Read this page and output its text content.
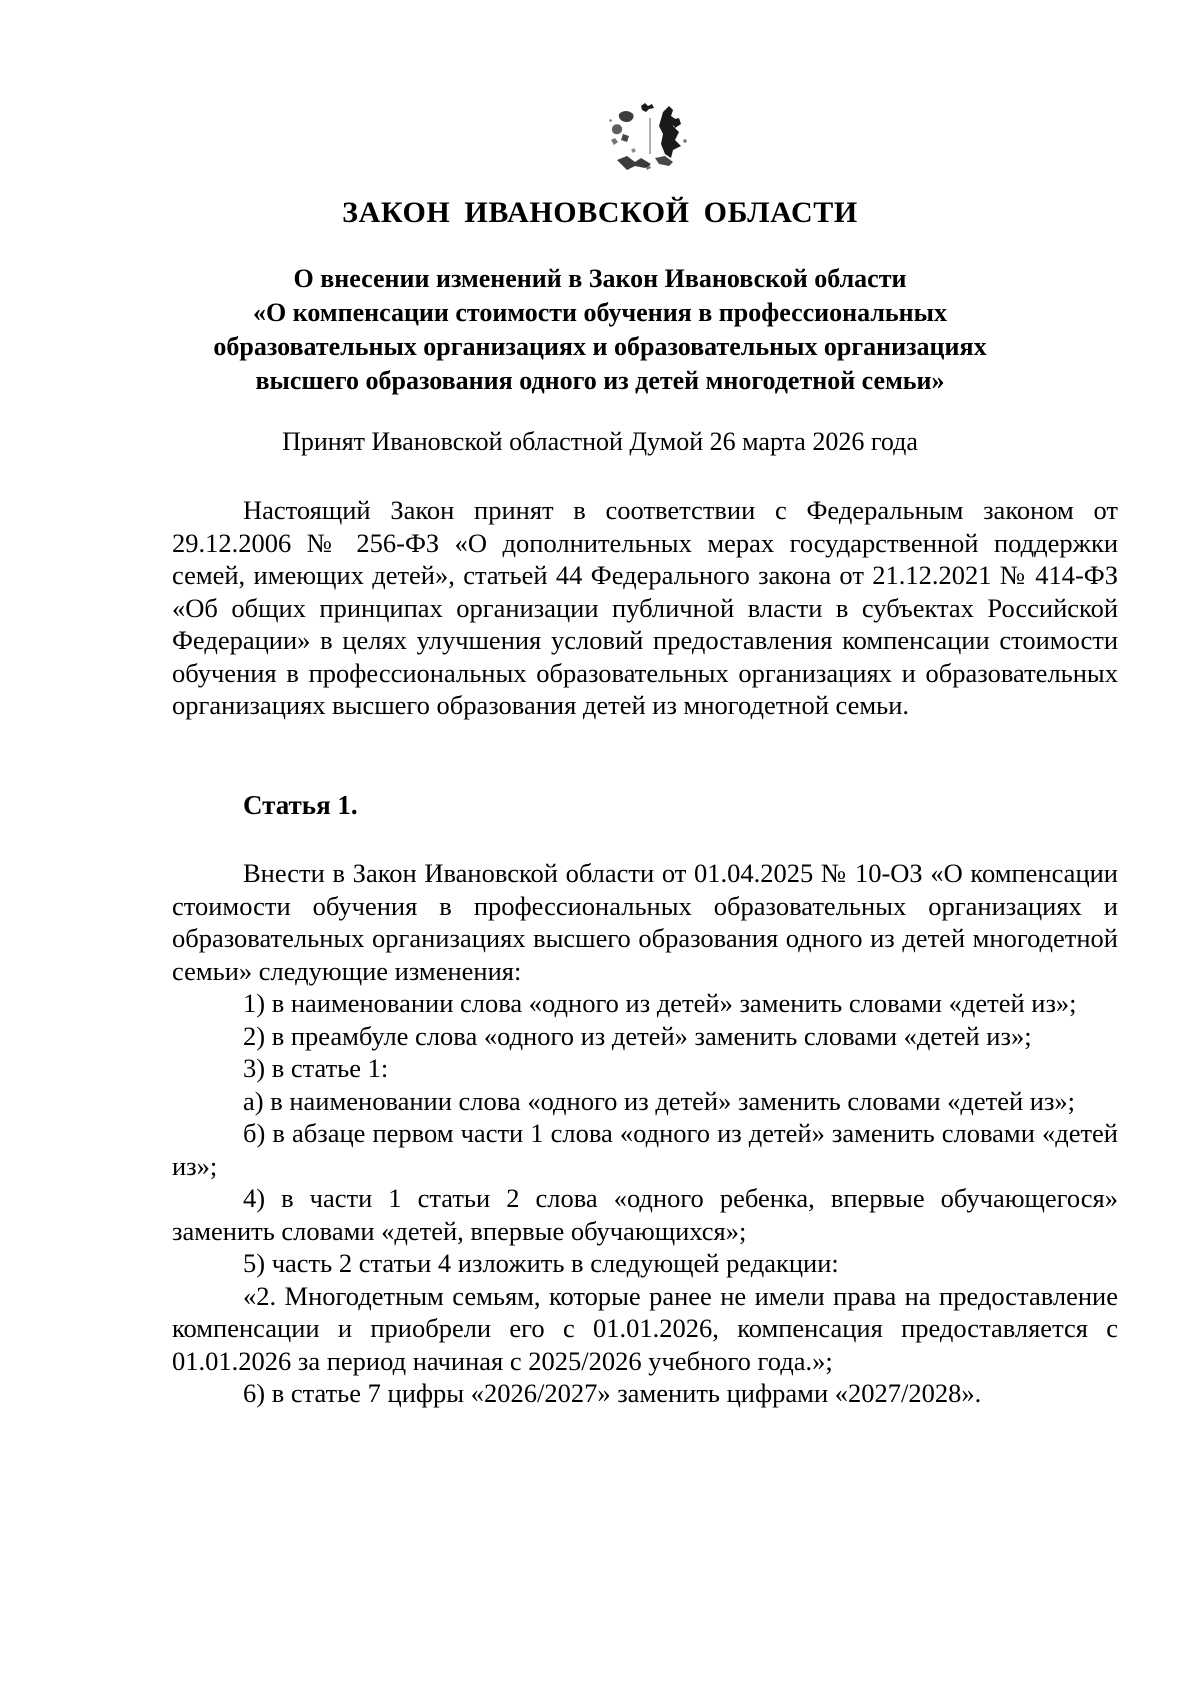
ЗАКОН ИВАНОВСКОЙ ОБЛАСТИ
О внесении изменений в Закон Ивановской области
«О компенсации стоимости обучения в профессиональных
образовательных организациях и образовательных организациях
высшего образования одного из детей многодетной семьи»
Принят Ивановской областной Думой 26 марта 2026 года

Настоящий Закон принят в соответствии с Федеральным законом от 29.12.2006 № 256-ФЗ «О дополнительных мерах государственной поддержки семей, имеющих детей», статьей 44 Федерального закона от 21.12.2021 № 414-ФЗ «Об общих принципах организации публичной власти в субъектах Российской Федерации» в целях улучшения условий предоставления компенсации стоимости обучения в профессиональных образовательных организациях и образовательных организациях высшего образования детей из многодетной семьи.

Статья 1.

Внести в Закон Ивановской области от 01.04.2025 № 10-ОЗ «О компенсации стоимости обучения в профессиональных образовательных организациях и образовательных организациях высшего образования одного из детей многодетной семьи» следующие изменения:

1) в наименовании слова «одного из детей» заменить словами «детей из»;

2) в преамбуле слова «одного из детей» заменить словами «детей из»;

3) в статье 1:

а) в наименовании слова «одного из детей» заменить словами «детей из»;

б) в абзаце первом части 1 слова «одного из детей» заменить словами «детей из»;

4) в части 1 статьи 2 слова «одного ребенка, впервые обучающегося» заменить словами «детей, впервые обучающихся»;

5) часть 2 статьи 4 изложить в следующей редакции:

«2. Многодетным семьям, которые ранее не имели права на предоставление компенсации и приобрели его с 01.01.2026, компенсация предоставляется с 01.01.2026 за период начиная с 2025/2026 учебного года.»;

6) в статье 7 цифры «2026/2027» заменить цифрами «2027/2028».
